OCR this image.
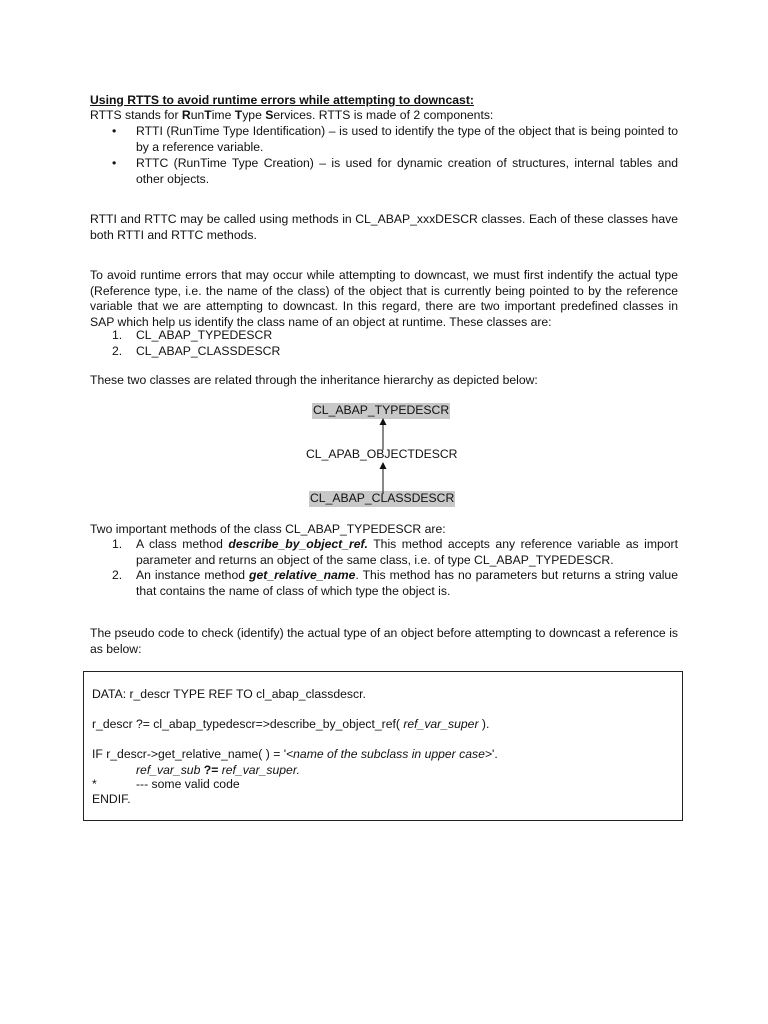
Using RTTS to avoid runtime errors while attempting to downcast:
RTTS stands for RunTime Type Services. RTTS is made of 2 components:
• RTTI (RunTime Type Identification) – is used to identify the type of the object that is being pointed to by a reference variable.
• RTTC (RunTime Type Creation) – is used for dynamic creation of structures, internal tables and other objects.
RTTI and RTTC may be called using methods in CL_ABAP_xxxDESCR classes. Each of these classes have both RTTI and RTTC methods.
To avoid runtime errors that may occur while attempting to downcast, we must first indentify the actual type (Reference type, i.e. the name of the class) of the object that is currently being pointed to by the reference variable that we are attempting to downcast. In this regard, there are two important predefined classes in SAP which help us identify the class name of an object at runtime. These classes are:
1. CL_ABAP_TYPEDESCR
2. CL_ABAP_CLASSDESCR
These two classes are related through the inheritance hierarchy as depicted below:
CL_ABAP_TYPEDESCR
CL_APAB_OBJECTDESCR
CL_ABAP_CLASSDESCR
Two important methods of the class CL_ABAP_TYPEDESCR are:
1. A class method describe_by_object_ref. This method accepts any reference variable as import parameter and returns an object of the same class, i.e. of type CL_ABAP_TYPEDESCR.
2. An instance method get_relative_name. This method has no parameters but returns a string value that contains the name of class of which type the object is.
The pseudo code to check (identify) the actual type of an object before attempting to downcast a reference is as below:
DATA: r_descr TYPE REF TO cl_abap_classdescr.
r_descr ?= cl_abap_typedescr=>describe_by_object_ref( ref_var_super ).
IF r_descr->get_relative_name( ) = '<name of the subclass in upper case>'.
ref_var_sub ?= ref_var_super.
*	--- some valid code
ENDIF.
